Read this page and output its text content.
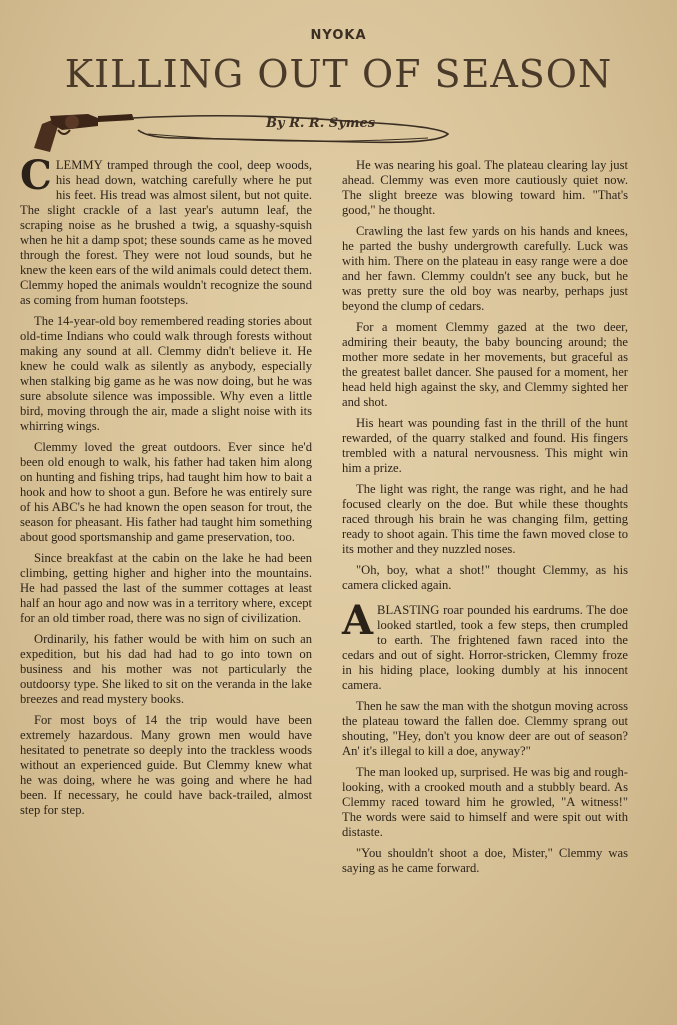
NYOKA
KILLING OUT OF SEASON
By R. R. Symes

CLEMMY tramped through the cool, deep woods, his head down, watching carefully where he put his feet. His tread was almost silent, but not quite. The slight crackle of a last year's autumn leaf, the scraping noise as he brushed a twig, a squashy-squish when he hit a damp spot; these sounds came as he moved through the forest. They were not loud sounds, but he knew the keen ears of the wild animals could detect them. Clemmy hoped the animals wouldn't recognize the sound as coming from human footsteps.

The 14-year-old boy remembered reading stories about old-time Indians who could walk through forests without making any sound at all. Clemmy didn't believe it. He knew he could walk as silently as anybody, especially when stalking big game as he was now doing, but he was sure absolute silence was impossible. Why even a little bird, moving through the air, made a slight noise with its whirring wings.

Clemmy loved the great outdoors. Ever since he'd been old enough to walk, his father had taken him along on hunting and fishing trips, had taught him how to bait a hook and how to shoot a gun. Before he was entirely sure of his ABC's he had known the open season for trout, the season for pheasant. His father had taught him something about good sportsmanship and game preservation, too.

Since breakfast at the cabin on the lake he had been climbing, getting higher and higher into the mountains. He had passed the last of the summer cottages at least half an hour ago and now was in a territory where, except for an old timber road, there was no sign of civilization.

Ordinarily, his father would be with him on such an expedition, but his dad had had to go into town on business and his mother was not particularly the outdoorsy type. She liked to sit on the veranda in the lake breezes and read mystery books.

For most boys of 14 the trip would have been extremely hazardous. Many grown men would have hesitated to penetrate so deeply into the trackless woods without an experienced guide. But Clemmy knew what he was doing, where he was going and where he had been. If necessary, he could have back-trailed, almost step for step.

He was nearing his goal. The plateau clearing lay just ahead. Clemmy was even more cautiously quiet now. The slight breeze was blowing toward him. "That's good," he thought.

Crawling the last few yards on his hands and knees, he parted the bushy undergrowth carefully. Luck was with him. There on the plateau in easy range were a doe and her fawn. Clemmy couldn't see any buck, but he was pretty sure the old boy was nearby, perhaps just beyond the clump of cedars.

For a moment Clemmy gazed at the two deer, admiring their beauty, the baby bouncing around; the mother more sedate in her movements, but graceful as the greatest ballet dancer. She paused for a moment, her head held high against the sky, and Clemmy sighted her and shot.

His heart was pounding fast in the thrill of the hunt rewarded, of the quarry stalked and found. His fingers trembled with a natural nervousness. This might win him a prize.

The light was right, the range was right, and he had focused clearly on the doe. But while these thoughts raced through his brain he was changing film, getting ready to shoot again. This time the fawn moved close to its mother and they nuzzled noses.

"Oh, boy, what a shot!" thought Clemmy, as his camera clicked again.

ABLASTING roar pounded his eardrums. The doe looked startled, took a few steps, then crumpled to earth. The frightened fawn raced into the cedars and out of sight. Horror-stricken, Clemmy froze in his hiding place, looking dumbly at his innocent camera.

Then he saw the man with the shotgun moving across the plateau toward the fallen doe. Clemmy sprang out shouting, "Hey, don't you know deer are out of season? An' it's illegal to kill a doe, anyway?"

The man looked up, surprised. He was big and rough-looking, with a crooked mouth and a stubbly beard. As Clemmy raced toward him he growled, "A witness!" The words were said to himself and were spit out with distaste.

"You shouldn't shoot a doe, Mister," Clemmy was saying as he came forward.
